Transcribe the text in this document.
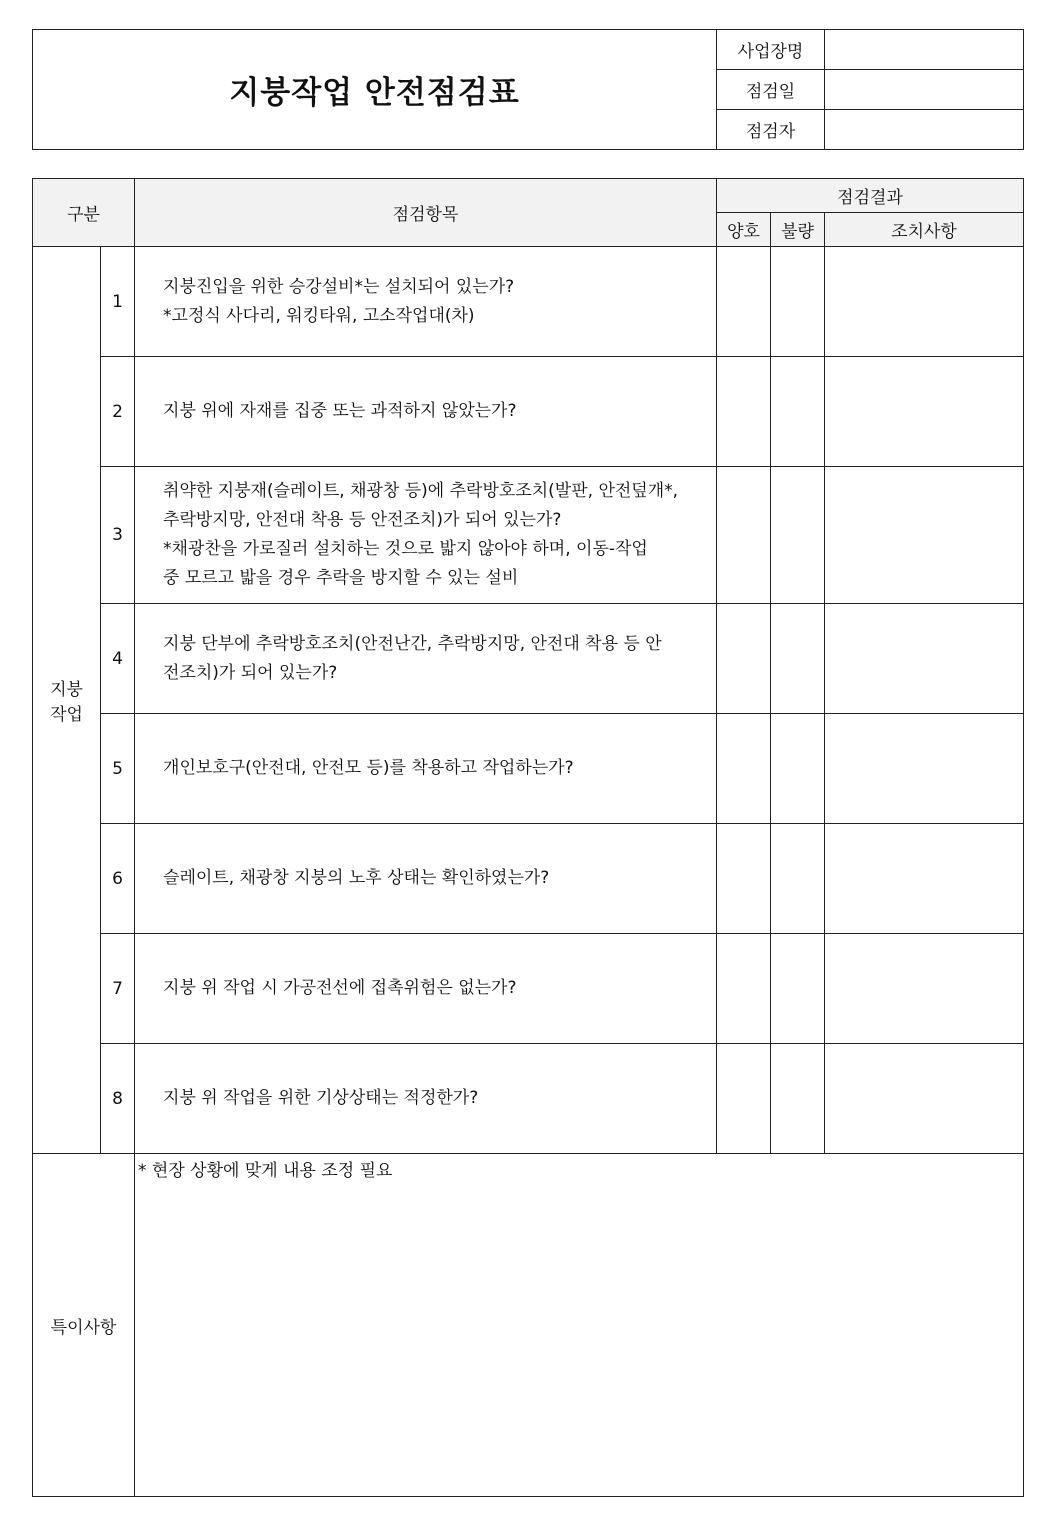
지붕작업 안전점검표	사업장명	
	점검일	
	점검자	
구분		점검항목	점검결과		
			양호	불량	조치사항

지붕
작업	1	지붕진입을 위한 승강설비*는 설치되어 있는가?
*고정식 사다리, 워킹타워, 고소작업대(차)			

	2	지붕 위에 자재를 집중 또는 과적하지 않았는가?			

	3	취약한 지붕재(슬레이트, 채광창 등)에 추락방호조치(발판, 안전덮개*,
추락방지망, 안전대 착용 등 안전조치)가 되어 있는가?
*채광찬을 가로질러 설치하는 것으로 밟지 않아야 하며, 이동-작업
중 모르고 밟을 경우 추락을 방지할 수 있는 설비			

	4	지붕 단부에 추락방호조치(안전난간, 추락방지망, 안전대 착용 등 안
전조치)가 되어 있는가?			

	5	개인보호구(안전대, 안전모 등)를 착용하고 작업하는가?			

	6	슬레이트, 채광창 지붕의 노후 상태는 확인하였는가?			

	7	지붕 위 작업 시 가공전선에 접촉위험은 없는가?			

	8	지붕 위 작업을 위한 기상상태는 적정한가?			

특이사항		* 현장 상황에 맞게 내용 조정 필요			
